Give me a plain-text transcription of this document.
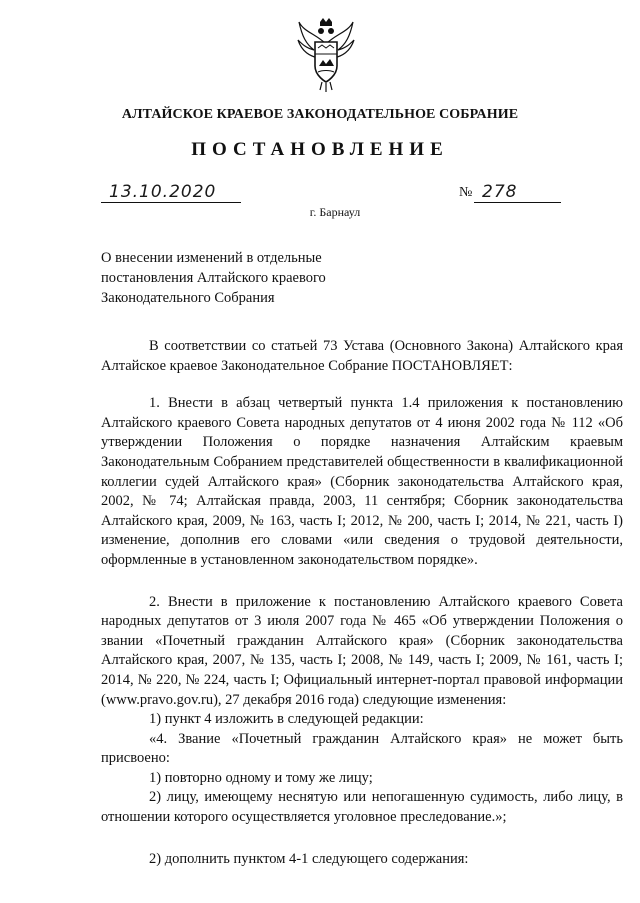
АЛТАЙСКОЕ КРАЕВОЕ ЗАКОНОДАТЕЛЬНОЕ СОБРАНИЕ
ПОСТАНОВЛЕНИЕ
13.10.2020	№ 278
г. Барнаул
О внесении изменений в отдельные постановления Алтайского краевого Законодательного Собрания

В соответствии со статьей 73 Устава (Основного Закона) Алтайского края Алтайское краевое Законодательное Собрание ПОСТАНОВЛЯЕТ:

1. Внести в абзац четвертый пункта 1.4 приложения к постановлению Алтайского краевого Совета народных депутатов от 4 июня 2002 года № 112 «Об утверждении Положения о порядке назначения Алтайским краевым Законодательным Собранием представителей общественности в квалификационной коллегии судей Алтайского края» (Сборник законодательства Алтайского края, 2002, № 74; Алтайская правда, 2003, 11 сентября; Сборник законодательства Алтайского края, 2009, № 163, часть I; 2012, № 200, часть I; 2014, № 221, часть I) изменение, дополнив его словами «или сведения о трудовой деятельности, оформленные в установленном законодательством порядке».

2. Внести в приложение к постановлению Алтайского краевого Совета народных депутатов от 3 июля 2007 года № 465 «Об утверждении Положения о звании «Почетный гражданин Алтайского края» (Сборник законодательства Алтайского края, 2007, № 135, часть I; 2008, № 149, часть I; 2009, № 161, часть I; 2014, № 220, № 224, часть I; Официальный интернет-портал правовой информации (www.pravo.gov.ru), 27 декабря 2016 года) следующие изменения:

1) пункт 4 изложить в следующей редакции:

«4. Звание «Почетный гражданин Алтайского края» не может быть присвоено:

1) повторно одному и тому же лицу;

2) лицу, имеющему неснятую или непогашенную судимость, либо лицу, в отношении которого осуществляется уголовное преследование.»;

2) дополнить пунктом 4-1 следующего содержания:
